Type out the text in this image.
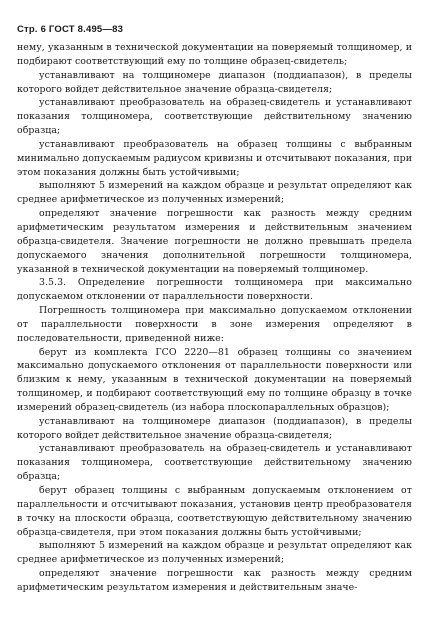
Стр. 6 ГОСТ 8.495—83

нему, указанным в технической документации на поверяемый толщиномер, и подбирают соответствующий ему по толщине образец-свидетель;

устанавливают на толщиномере диапазон (поддиапазон), в пределы которого войдет действительное значение образца-свидетеля;

устанавливают преобразователь на образец-свидетель и устанавливают показания толщиномера, соответствующие действительному значению образца;

устанавливают преобразователь на образец толщины с выбранным минимально допускаемым радиусом кривизны и отсчитывают показания, при этом показания должны быть устойчивыми;

выполняют 5 измерений на каждом образце и результат определяют как среднее арифметическое из полученных измерений;

определяют значение погрешности как разность между средним арифметическим результатом измерения и действительным значением образца-свидетеля. Значение погрешности не должно превышать предела допускаемого значения дополнительной погрешности толщиномера, указанной в технической документации на поверяемый толщиномер.

3.5.3. Определение погрешности толщиномера при максимально допускаемом отклонении от параллельности поверхности.

Погрешность толщиномера при максимально допускаемом отклонении от параллельности поверхности в зоне измерения определяют в последовательности, приведенной ниже:

берут из комплекта ГСО 2220—81 образец толщины со значением максимально допускаемого отклонения от параллельности поверхности или близким к нему, указанным в технической документации на поверяемый толщиномер, и подбирают соответствующий ему по толщине образцу в точке измерений образец-свидетель (из набора плоскопараллельных образцов);

устанавливают на толщиномере диапазон (поддиапазон), в пределы которого войдет действительное значение образца-свидетеля;

устанавливают преобразователь на образец-свидетель и устанавливают показания толщиномера, соответствующие действительному значению образца;

берут образец толщины с выбранным допускаемым отклонением от параллельности и отсчитывают показания, установив центр преобразователя в точку на плоскости образца, соответствующую действительному значению образца-свидетеля, при этом показания должны быть устойчивыми;

выполняют 5 измерений на каждом образце и результат определяют как среднее арифметическое из полученных измерений;

определяют значение погрешности как разность между средним арифметическим результатом измерения и действительным значе-
